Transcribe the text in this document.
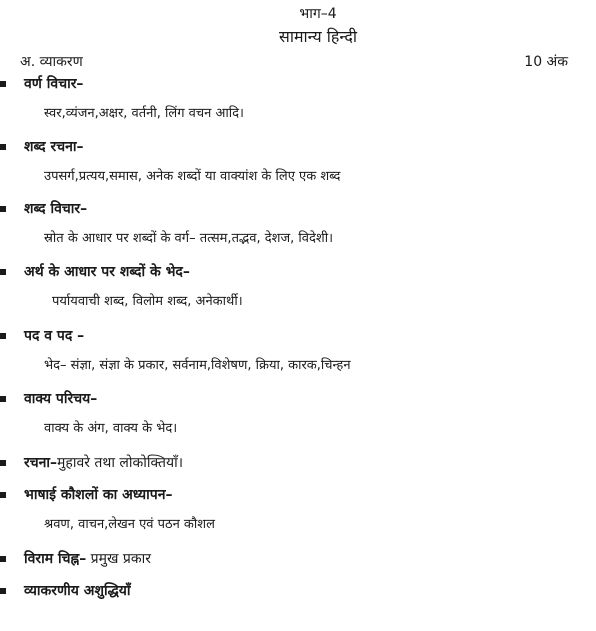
भाग–4
सामान्य हिन्दी
अ. व्याकरण	10 अंक
वर्ण विचार–
स्वर,व्यंजन,अक्षर, वर्तनी, लिंग वचन आदि।
शब्द रचना–
उपसर्ग,प्रत्यय,समास, अनेक शब्दों या वाक्यांश के लिए एक शब्द
शब्द विचार–
स्रोत के आधार पर शब्दों के वर्ग– तत्सम,तद्भव, देशज, विदेशी।
अर्थ के आधार पर शब्दों के भेद–
पर्यायवाची शब्द, विलोम शब्द, अनेकार्थी।
पद व पद –
भेद– संज्ञा, संज्ञा के प्रकार, सर्वनाम,विशेषण, क्रिया, कारक,चिन्हन
वाक्य परिचय–
वाक्य के अंग, वाक्य के भेद।
रचना–मुहावरे तथा लोकोक्तियाँ।
भाषाई कौशलों का अध्यापन–
श्रवण, वाचन,लेखन एवं पठन कौशल
विराम चिह्न– प्रमुख प्रकार
व्याकरणीय अशुद्धियाँ
